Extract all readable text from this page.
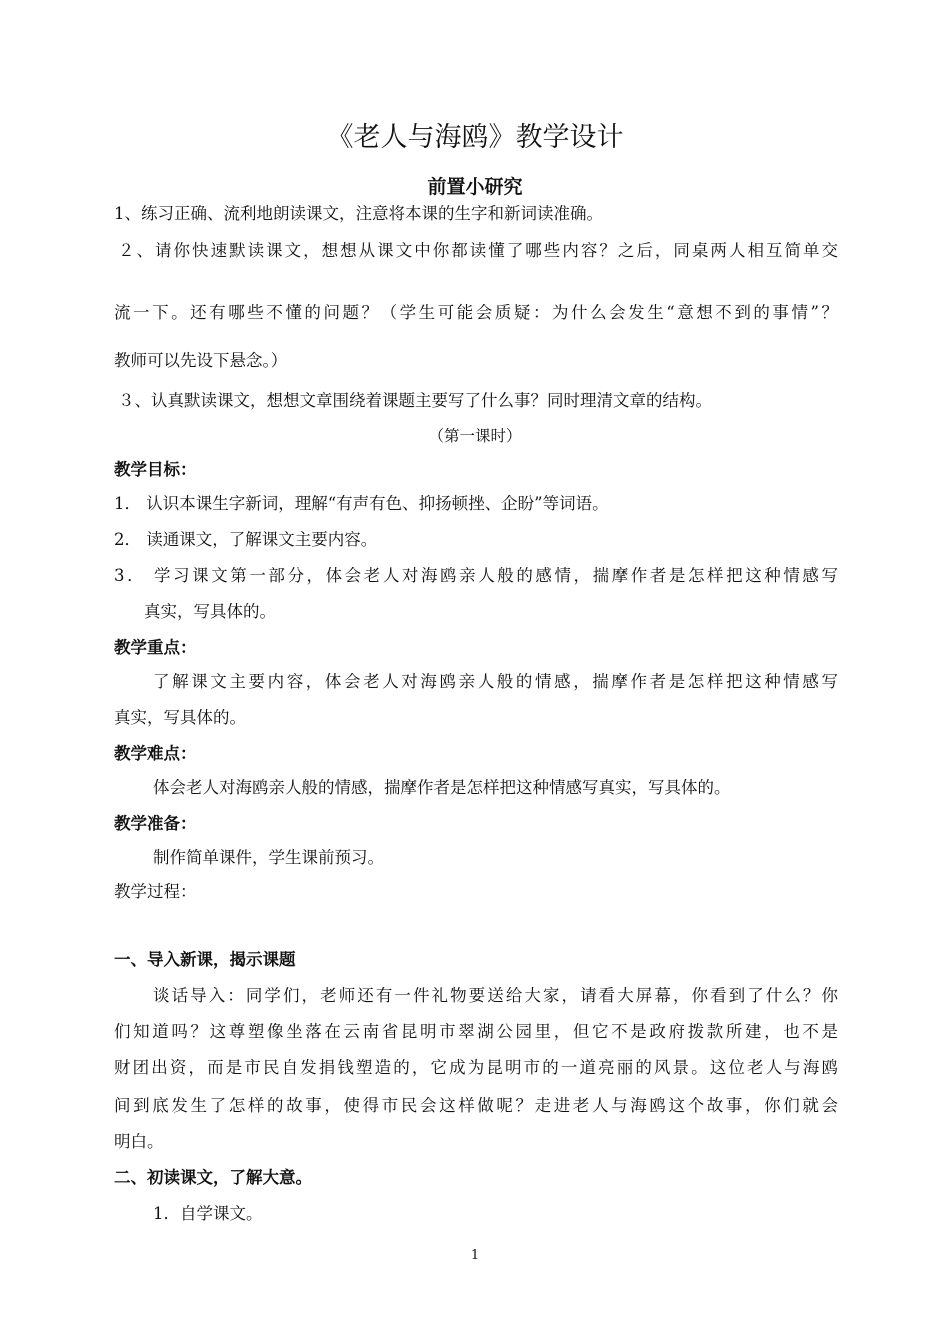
《老人与海鸥》教学设计
前置小研究
1、练习正确、流利地朗读课文，注意将本课的生字和新词读准确。
２、请你快速默读课文，想想从课文中你都读懂了哪些内容？之后，同桌两人相互简单交
流一下。还有哪些不懂的问题？（学生可能会质疑：为什么会发生“意想不到的事情”？
教师可以先设下悬念。）
３、认真默读课文，想想文章围绕着课题主要写了什么事？同时理清文章的结构。
（第一课时）
教学目标：
1． 认识本课生字新词，理解“有声有色、抑扬顿挫、企盼”等词语。
2． 读通课文，了解课文主要内容。
3． 学习课文第一部分，体会老人对海鸥亲人般的感情，揣摩作者是怎样把这种情感写
真实，写具体的。
教学重点：
了解课文主要内容，体会老人对海鸥亲人般的情感，揣摩作者是怎样把这种情感写
真实，写具体的。
教学难点：
体会老人对海鸥亲人般的情感，揣摩作者是怎样把这种情感写真实，写具体的。
教学准备：
制作简单课件，学生课前预习。
教学过程：
一、导入新课，揭示课题
谈话导入：同学们，老师还有一件礼物要送给大家，请看大屏幕，你看到了什么？你
们知道吗？这尊塑像坐落在云南省昆明市翠湖公园里，但它不是政府拨款所建，也不是
财团出资，而是市民自发捐钱塑造的，它成为昆明市的一道亮丽的风景。这位老人与海鸥
间到底发生了怎样的故事，使得市民会这样做呢？走进老人与海鸥这个故事，你们就会
明白。
二、初读课文，了解大意。
1．自学课文。
1
